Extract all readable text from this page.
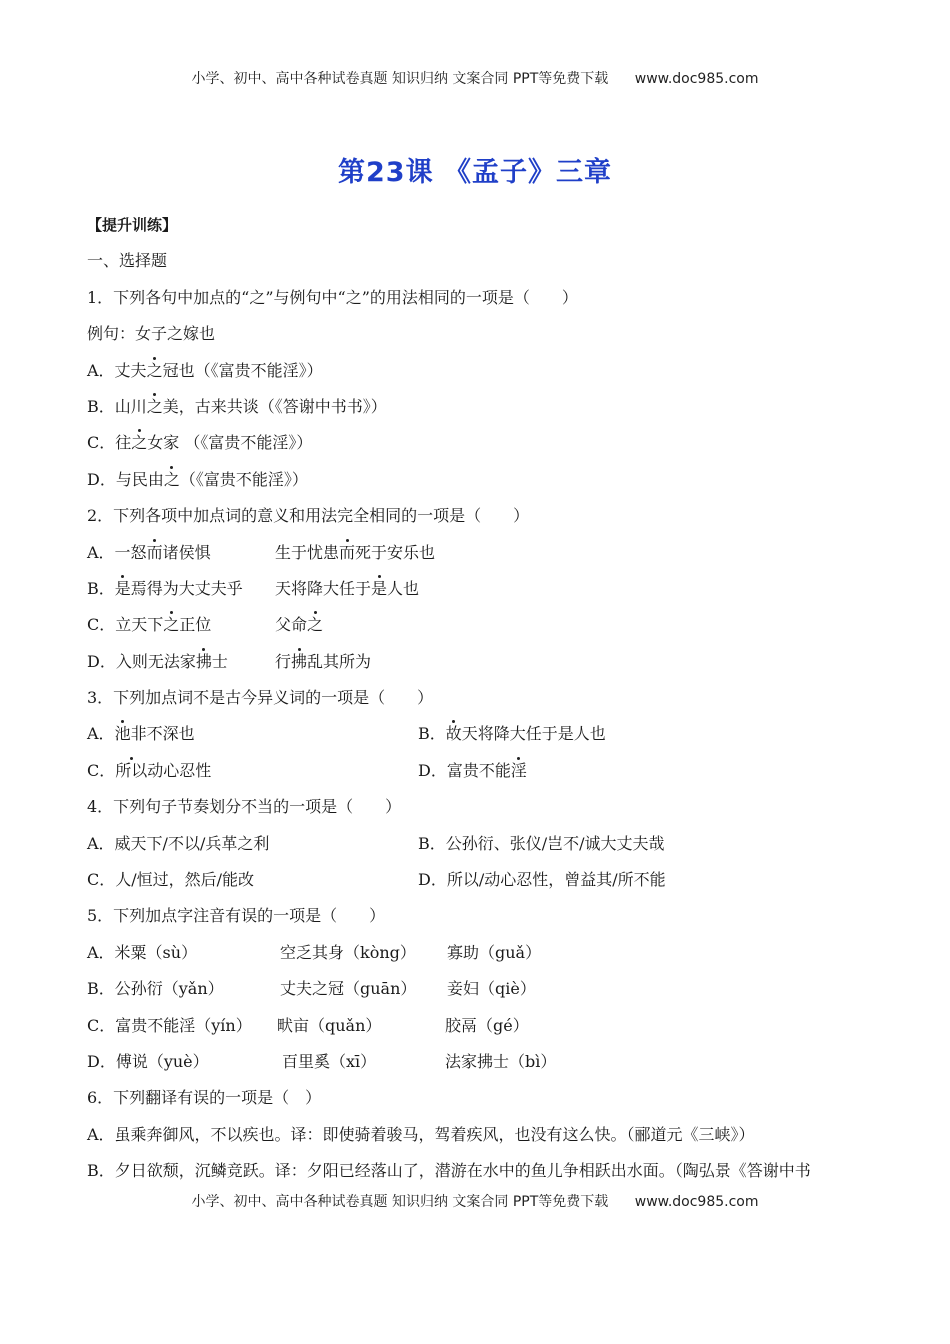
小学、初中、高中各种试卷真题 知识归纳 文案合同 PPT等免费下载 www.doc985.com
第23课 《孟子》三章
【提升训练】
一、选择题
1．下列各句中加点的“之”与例句中“之”的用法相同的一项是（　　）
例句：女子之嫁也
A．丈夫之冠也（《富贵不能淫》）
B．山川之美，古来共谈（《答谢中书书》）
C．往之女家 （《富贵不能淫》）
D．与民由之（《富贵不能淫》）
2．下列各项中加点词的意义和用法完全相同的一项是（　　）
A．一怒而诸侯惧	生于忧患而死于安乐也
B．是焉得为大丈夫乎 天将降大任于是人也
C．立天下之正位	父命之
D．入则无法家拂士	行拂乱其所为
3．下列加点词不是古今异义词的一项是（　　）
A．池非不深也	B．故天将降大任于是人也
C．所以动心忍性	D．富贵不能淫
4．下列句子节奏划分不当的一项是（　　）
A．威天下/不以/兵革之利	B．公孙衍、张仪/岂不/诚大丈夫哉
C．人/恒过，然后/能改	D．所以/动心忍性，曾益其/所不能
5．下列加点字注音有误的一项是（　　）
A．米粟（sù）	空乏其身（kòng） 寡助（guǎ）
B．公孙衍（yǎn）	丈夫之冠（guān） 妾妇（qiè）
C．富贵不能淫（yín） 畎亩（quǎn）	胶鬲（gé）
D．傅说（yuè）	百里奚（xī）	法家拂士（bì）
6．下列翻译有误的一项是（　）
A．虽乘奔御风，不以疾也。译：即使骑着骏马，驾着疾风，也没有这么快。（郦道元《三峡》）
B．夕日欲颓，沉鳞竞跃。译：夕阳已经落山了，潜游在水中的鱼儿争相跃出水面。（陶弘景《答谢中书
小学、初中、高中各种试卷真题 知识归纳 文案合同 PPT等免费下载 www.doc985.com
